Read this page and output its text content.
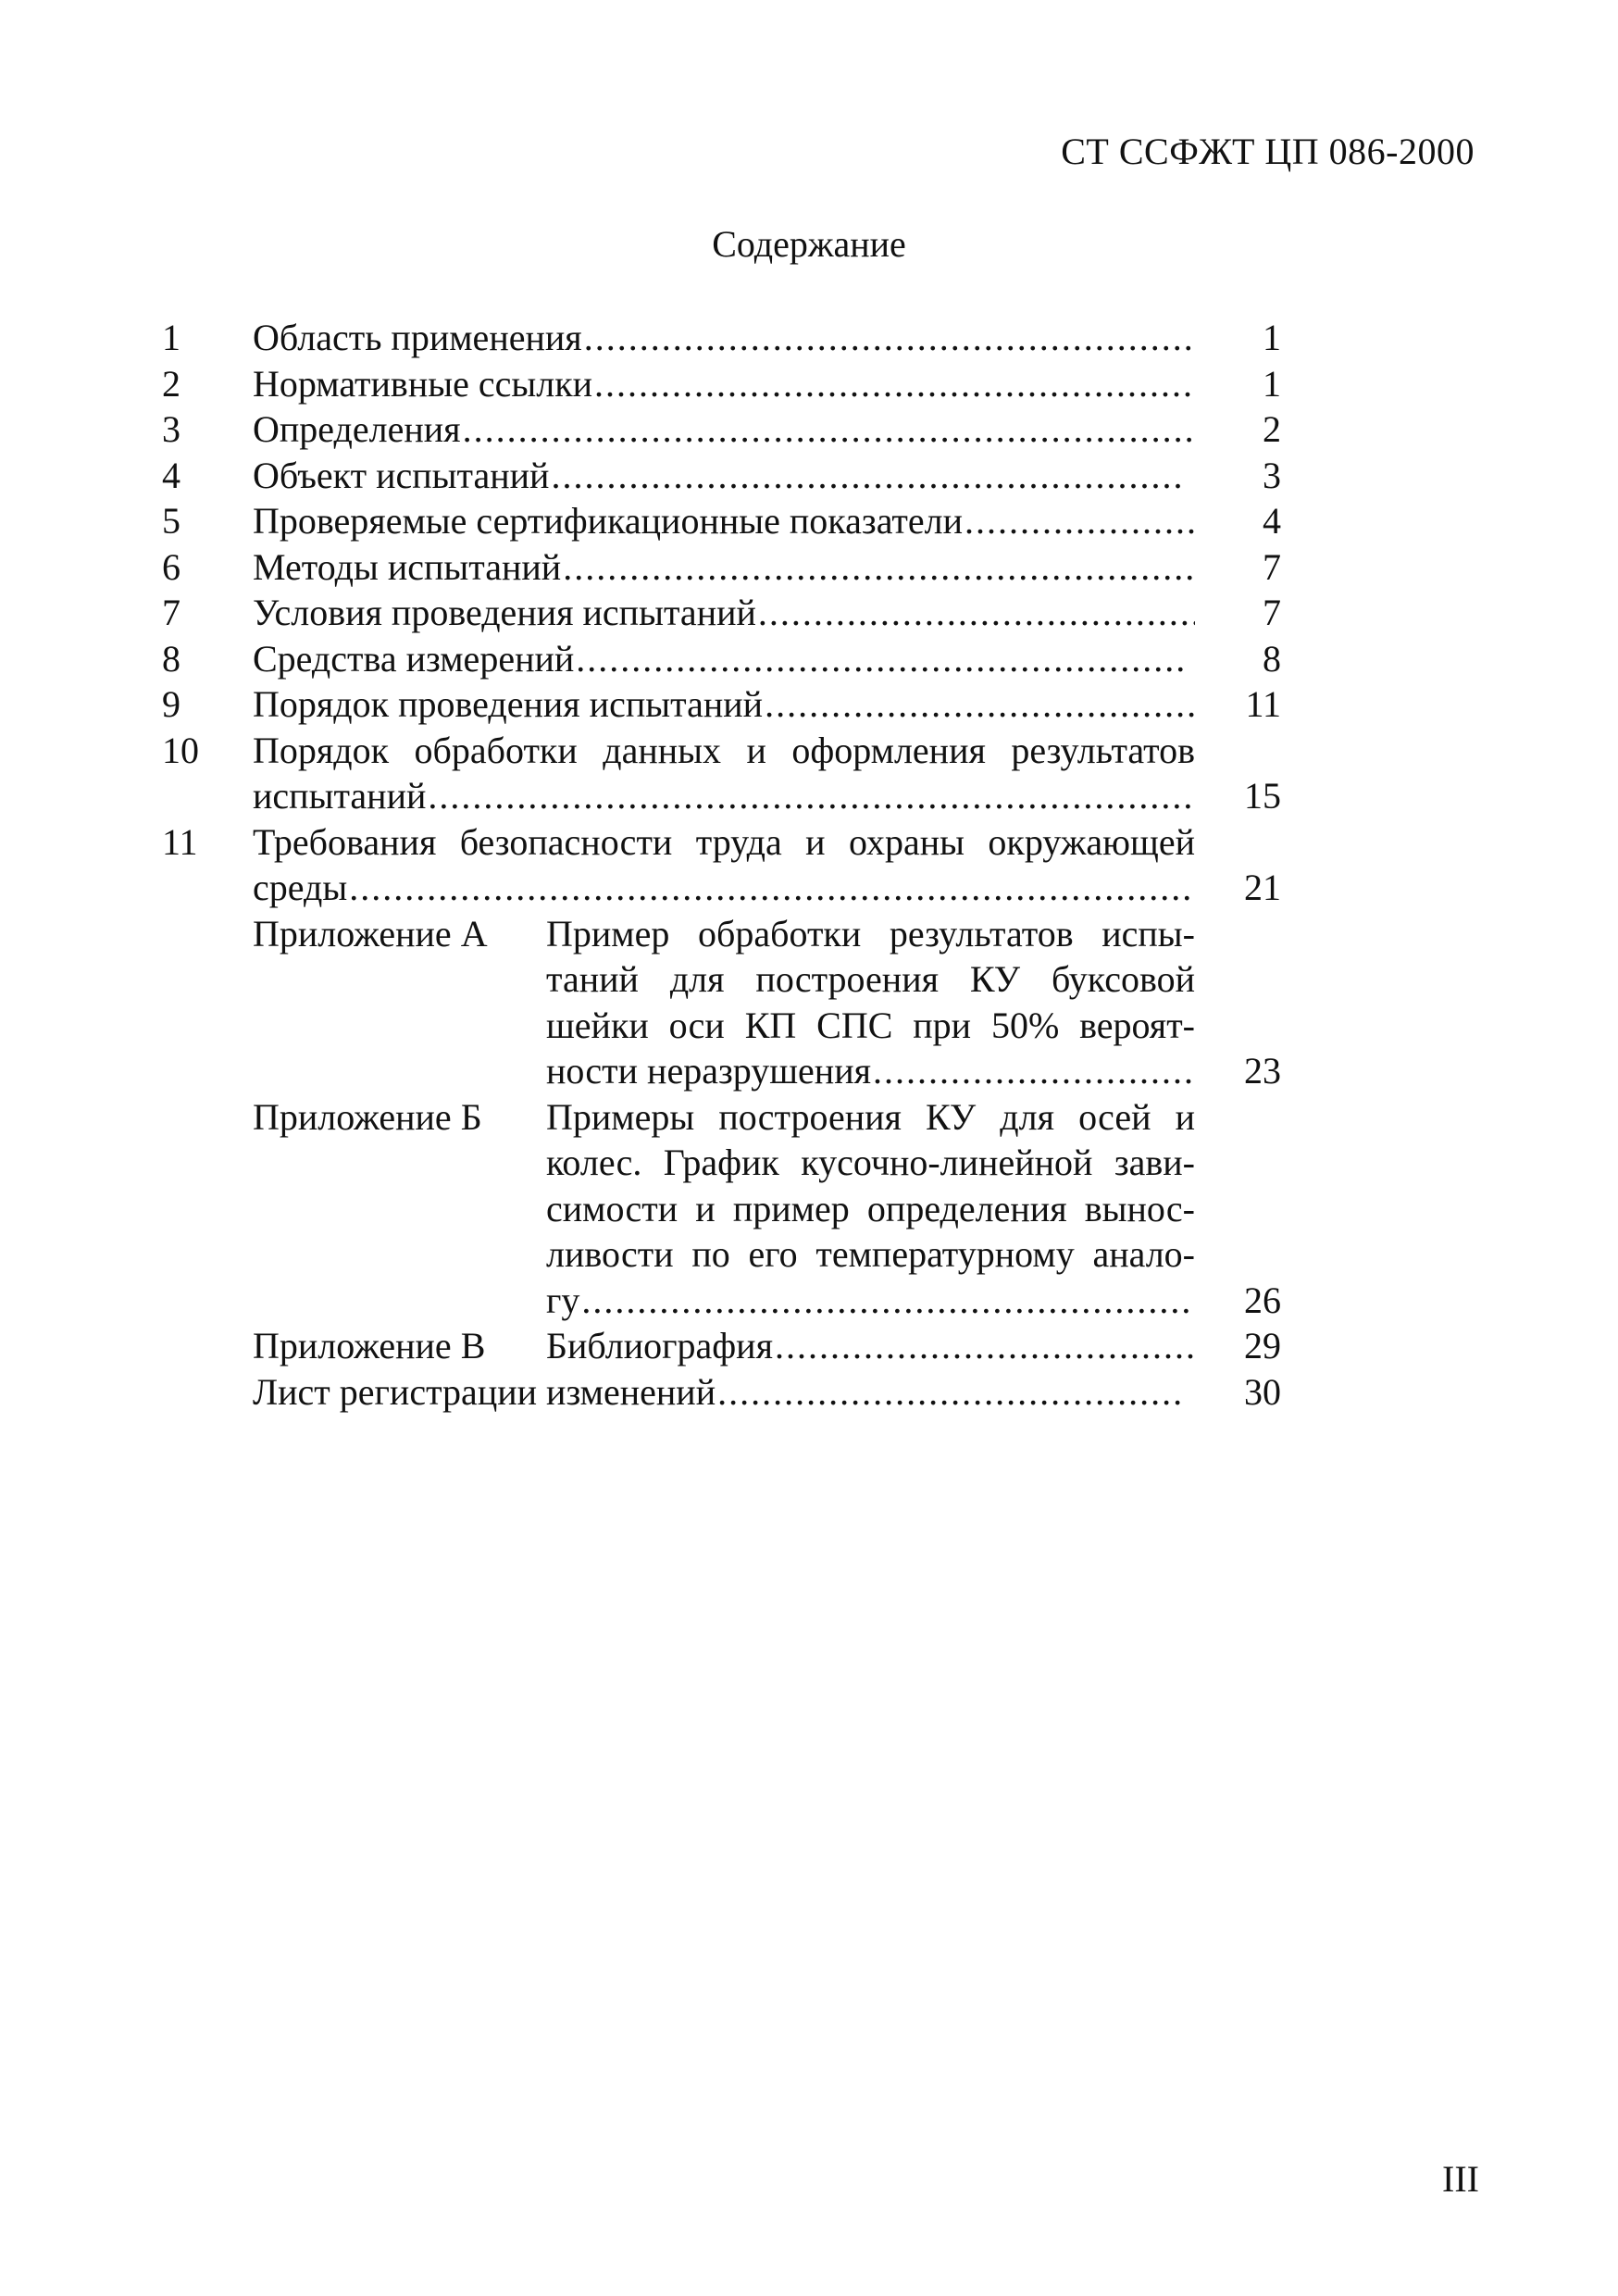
СТ ССФЖТ ЦП 086-2000
Содержание
1 Область применения .....	1
2 Нормативные ссылки .....	1
3 Определения .....	2
4 Объект испытаний .....	3
5 Проверяемые сертификационные показатели .....	4
6 Методы испытаний .....	7
7 Условия проведения испытаний .....	7
8 Средства измерений .....	8
9 Порядок проведения испытаний .....	11
10 Порядок обработки данных и оформления результатов
испытаний .....	15
11 Требования безопасности труда и охраны окружающей
среды .....	21
Приложение А Пример обработки результатов испы-таний для построения КУ буксовой шейки оси КП СПС при 50% вероят-
ности неразрушения .....	23
Приложение Б Примеры построения КУ для осей и колес. График кусочно-линейной зави-симости и пример определения вынос-ливости по его температурному анало-
гу .....	26
Приложение В Библиография .....	29
Лист регистрации изменений .....	30
III
